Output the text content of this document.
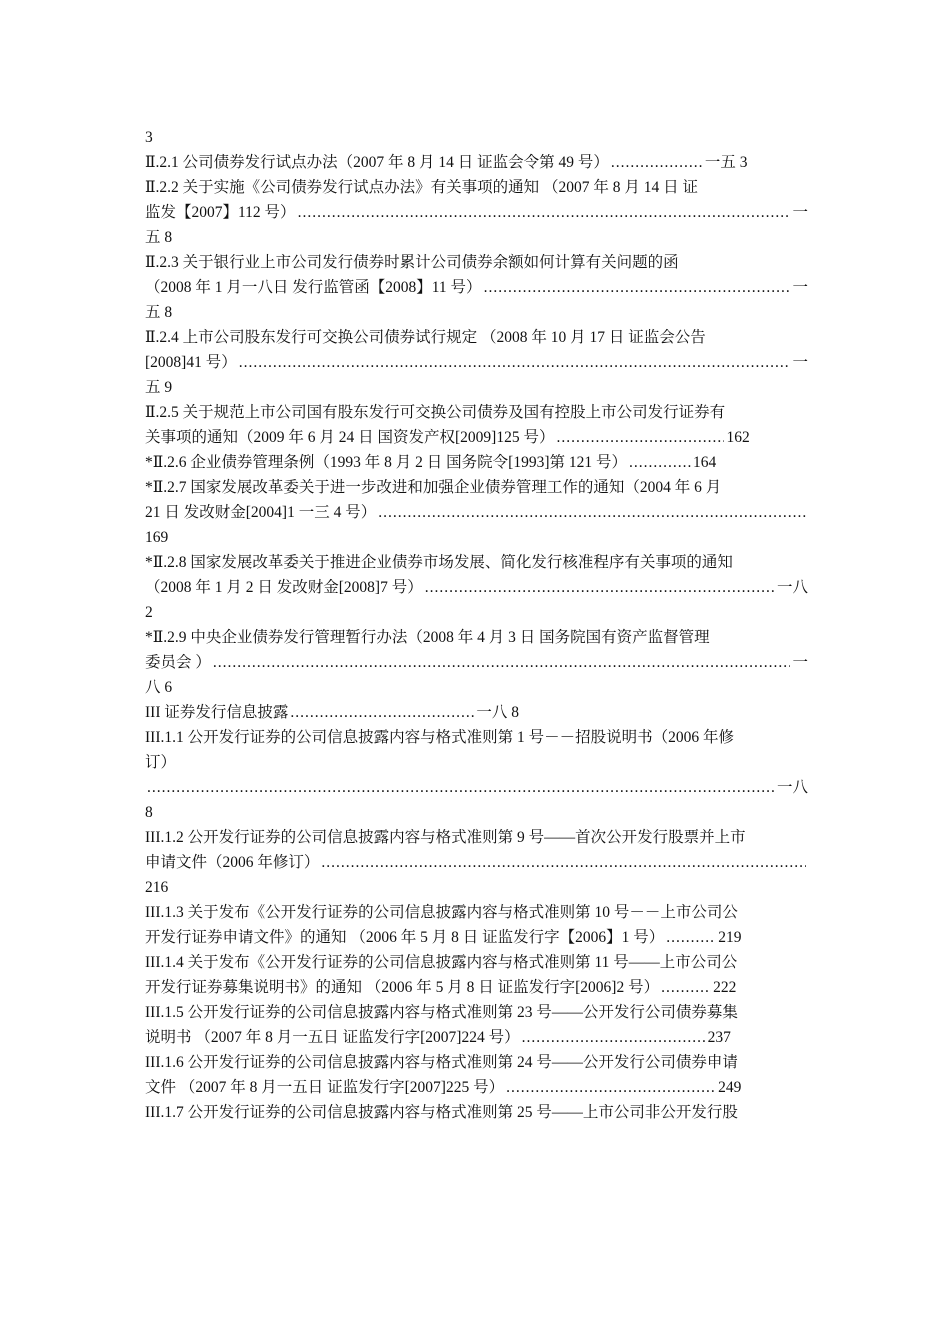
3
Ⅱ.2.1 公司债券发行试点办法（2007 年 8 月 14 日 证监会令第 49 号） .....	一五 3
Ⅱ.2.2 关于实施《公司债券发行试点办法》有关事项的通知 （2007 年 8 月 14 日 证
监发【2007】112 号） .....	一
五 8
Ⅱ.2.3 关于银行业上市公司发行债券时累计公司债券余额如何计算有关问题的函
（2008 年 1 月一八日 发行监管函【2008】11 号） .....	一
五 8
Ⅱ.2.4 上市公司股东发行可交换公司债券试行规定 （2008 年 10 月 17 日 证监会公告
[2008]41 号） .....	一
五 9
Ⅱ.2.5 关于规范上市公司国有股东发行可交换公司债券及国有控股上市公司发行证券有
关事项的通知（2009 年 6 月 24 日 国资发产权[2009]125 号） .....	162
*Ⅱ.2.6 企业债券管理条例（1993 年 8 月 2 日 国务院令[1993]第 121 号） .....	164
*Ⅱ.2.7 国家发展改革委关于进一步改进和加强企业债券管理工作的通知（2004 年 6 月
21 日 发改财金[2004]1 一三 4 号）
.....
169
*Ⅱ.2.8 国家发展改革委关于推进企业债券市场发展、简化发行核准程序有关事项的通知
（2008 年 1 月 2 日 发改财金[2008]7 号） .....	一八
2
*Ⅱ.2.9 中央企业债券发行管理暂行办法（2008 年 4 月 3 日 国务院国有资产监督管理
委员会 ） .....	一
八 6
III 证券发行信息披露 .....	一八 8
III.1.1 公开发行证券的公司信息披露内容与格式准则第 1 号－－招股说明书（2006 年修
订）
.....
一八
8
III.1.2 公开发行证券的公司信息披露内容与格式准则第 9 号——首次公开发行股票并上市
申请文件（2006 年修订）
.....
216
III.1.3 关于发布《公开发行证券的公司信息披露内容与格式准则第 10 号－－上市公司公
开发行证券申请文件》的通知 （2006 年 5 月 8 日 证监发行字【2006】1 号） .....	219
III.1.4 关于发布《公开发行证券的公司信息披露内容与格式准则第 11 号——上市公司公
开发行证券募集说明书》的通知 （2006 年 5 月 8 日 证监发行字[2006]2 号） .....	222
III.1.5 公开发行证券的公司信息披露内容与格式准则第 23 号——公开发行公司债券募集
说明书 （2007 年 8 月一五日 证监发行字[2007]224 号） .....	237
III.1.6 公开发行证券的公司信息披露内容与格式准则第 24 号——公开发行公司债券申请
文件 （2007 年 8 月一五日 证监发行字[2007]225 号） .....	249
III.1.7 公开发行证券的公司信息披露内容与格式准则第 25 号——上市公司非公开发行股
